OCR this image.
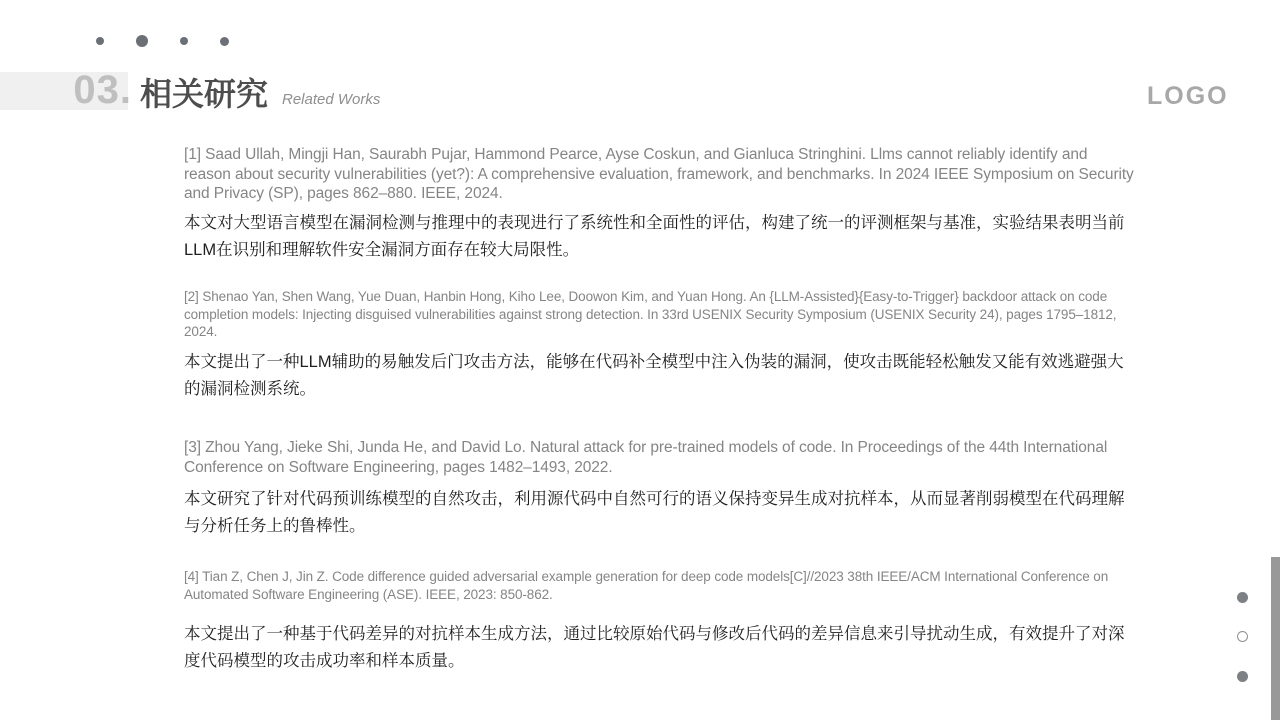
03. 相关研究 Related Works	LOGO

[1] Saad Ullah, Mingji Han, Saurabh Pujar, Hammond Pearce, Ayse Coskun, and Gianluca Stringhini. Llms cannot reliably identify and reason about security vulnerabilities (yet?): A comprehensive evaluation, framework, and benchmarks. In 2024 IEEE Symposium on Security and Privacy (SP), pages 862–880. IEEE, 2024.

本文对大型语言模型在漏洞检测与推理中的表现进行了系统性和全面性的评估，构建了统一的评测框架与基准，实验结果表明当前LLM在识别和理解软件安全漏洞方面存在较大局限性。

[2] Shenao Yan, Shen Wang, Yue Duan, Hanbin Hong, Kiho Lee, Doowon Kim, and Yuan Hong. An {LLM-Assisted}{Easy-to-Trigger} backdoor attack on code completion models: Injecting disguised vulnerabilities against strong detection. In 33rd USENIX Security Symposium (USENIX Security 24), pages 1795–1812, 2024.

本文提出了一种LLM辅助的易触发后门攻击方法，能够在代码补全模型中注入伪装的漏洞，使攻击既能轻松触发又能有效逃避强大的漏洞检测系统。

[3] Zhou Yang, Jieke Shi, Junda He, and David Lo. Natural attack for pre-trained models of code. In Proceedings of the 44th International Conference on Software Engineering, pages 1482–1493, 2022.

本文研究了针对代码预训练模型的自然攻击，利用源代码中自然可行的语义保持变异生成对抗样本，从而显著削弱模型在代码理解与分析任务上的鲁棒性。

[4] Tian Z, Chen J, Jin Z. Code difference guided adversarial example generation for deep code models[C]//2023 38th IEEE/ACM International Conference on Automated Software Engineering (ASE). IEEE, 2023: 850-862.

本文提出了一种基于代码差异的对抗样本生成方法，通过比较原始代码与修改后代码的差异信息来引导扰动生成，有效提升了对深度代码模型的攻击成功率和样本质量。
